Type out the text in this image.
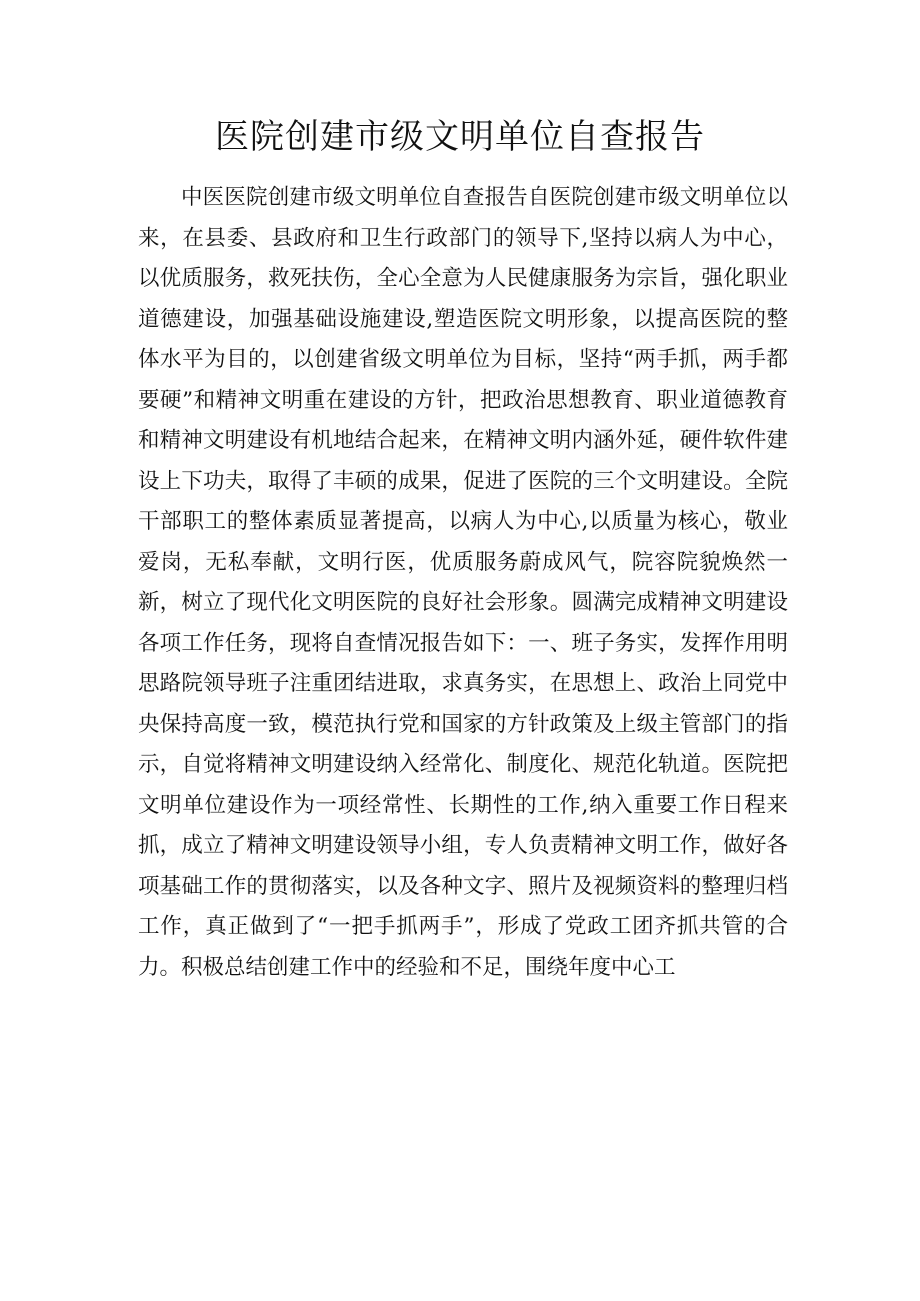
医院创建市级文明单位自查报告

中医医院创建市级文明单位自查报告自医院创建市级文明单位以来，在县委、县政府和卫生行政部门的领导下,坚持以病人为中心，以优质服务，救死扶伤，全心全意为人民健康服务为宗旨，强化职业道德建设，加强基础设施建设,塑造医院文明形象，以提高医院的整体水平为目的，以创建省级文明单位为目标，坚持“两手抓，两手都要硬”和精神文明重在建设的方针，把政治思想教育、职业道德教育和精神文明建设有机地结合起来，在精神文明内涵外延，硬件软件建设上下功夫，取得了丰硕的成果，促进了医院的三个文明建设。全院干部职工的整体素质显著提高，以病人为中心,以质量为核心，敬业爱岗，无私奉献，文明行医，优质服务蔚成风气，院容院貌焕然一新，树立了现代化文明医院的良好社会形象。圆满完成精神文明建设各项工作任务，现将自查情况报告如下：一、班子务实，发挥作用明思路院领导班子注重团结进取，求真务实，在思想上、政治上同党中央保持高度一致，模范执行党和国家的方针政策及上级主管部门的指示，自觉将精神文明建设纳入经常化、制度化、规范化轨道。医院把文明单位建设作为一项经常性、长期性的工作,纳入重要工作日程来抓，成立了精神文明建设领导小组，专人负责精神文明工作，做好各项基础工作的贯彻落实，以及各种文字、照片及视频资料的整理归档工作，真正做到了“一把手抓两手”，形成了党政工团齐抓共管的合力。积极总结创建工作中的经验和不足，围绕年度中心工
